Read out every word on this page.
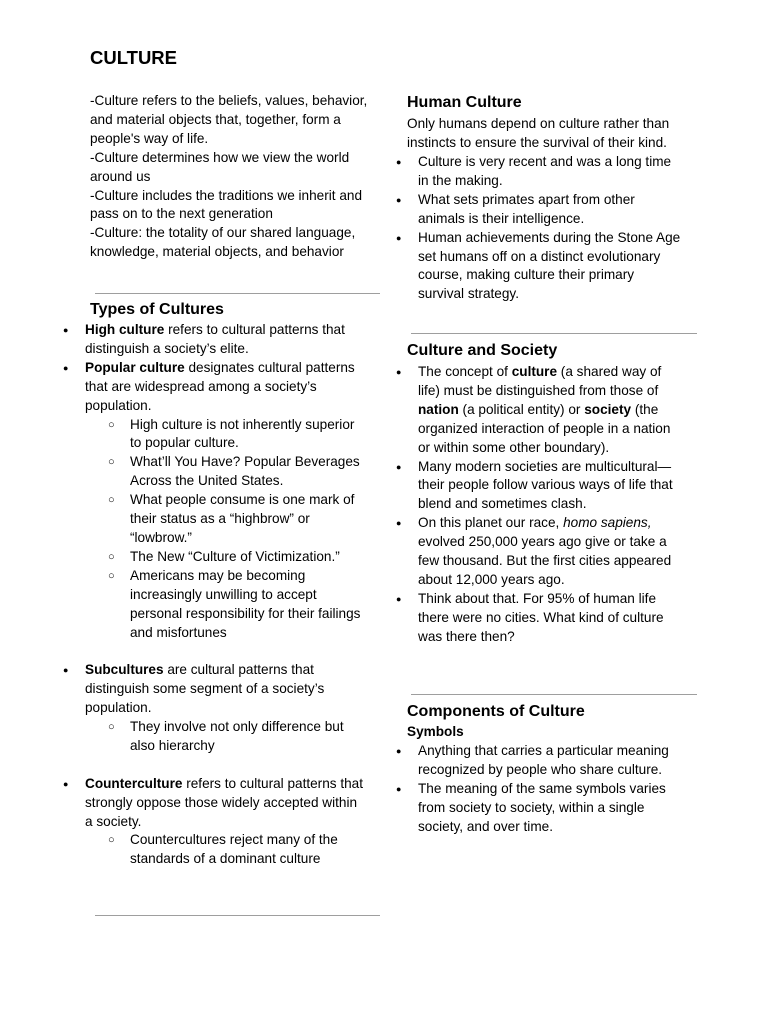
CULTURE

-Culture refers to the beliefs, values, behavior, and material objects that, together, form a people's way of life.

-Culture determines how we view the world around us

-Culture includes the traditions we inherit and pass on to the next generation

-Culture: the totality of our shared language, knowledge, material objects, and behavior

Types of Cultures
● High culture refers to cultural patterns that distinguish a society’s elite.
● Popular culture designates cultural patterns that are widespread among a society’s population.
○ High culture is not inherently superior to popular culture.
○ What’ll You Have? Popular Beverages Across the United States.
○ What people consume is one mark of their status as a “highbrow” or “lowbrow.”
○ The New “Culture of Victimization.”
○ Americans may be becoming increasingly unwilling to accept personal responsibility for their failings and misfortunes
● Subcultures are cultural patterns that distinguish some segment of a society’s population.
○ They involve not only difference but also hierarchy
● Counterculture refers to cultural patterns that strongly oppose those widely accepted within a society.
○ Countercultures reject many of the standards of a dominant culture
Human Culture

Only humans depend on culture rather than instincts to ensure the survival of their kind.

● Culture is very recent and was a long time in the making.
● What sets primates apart from other animals is their intelligence.
● Human achievements during the Stone Age set humans off on a distinct evolutionary course, making culture their primary survival strategy.
Culture and Society
● The concept of culture (a shared way of life) must be distinguished from those of nation (a political entity) or society (the organized interaction of people in a nation or within some other boundary).
● Many modern societies are multicultural—their people follow various ways of life that blend and sometimes clash.
● On this planet our race, homo sapiens, evolved 250,000 years ago give or take a few thousand. But the first cities appeared about 12,000 years ago.
● Think about that. For 95% of human life there were no cities. What kind of culture was there then?
Components of Culture
Symbols
● Anything that carries a particular meaning recognized by people who share culture.
● The meaning of the same symbols varies from society to society, within a single society, and over time.
